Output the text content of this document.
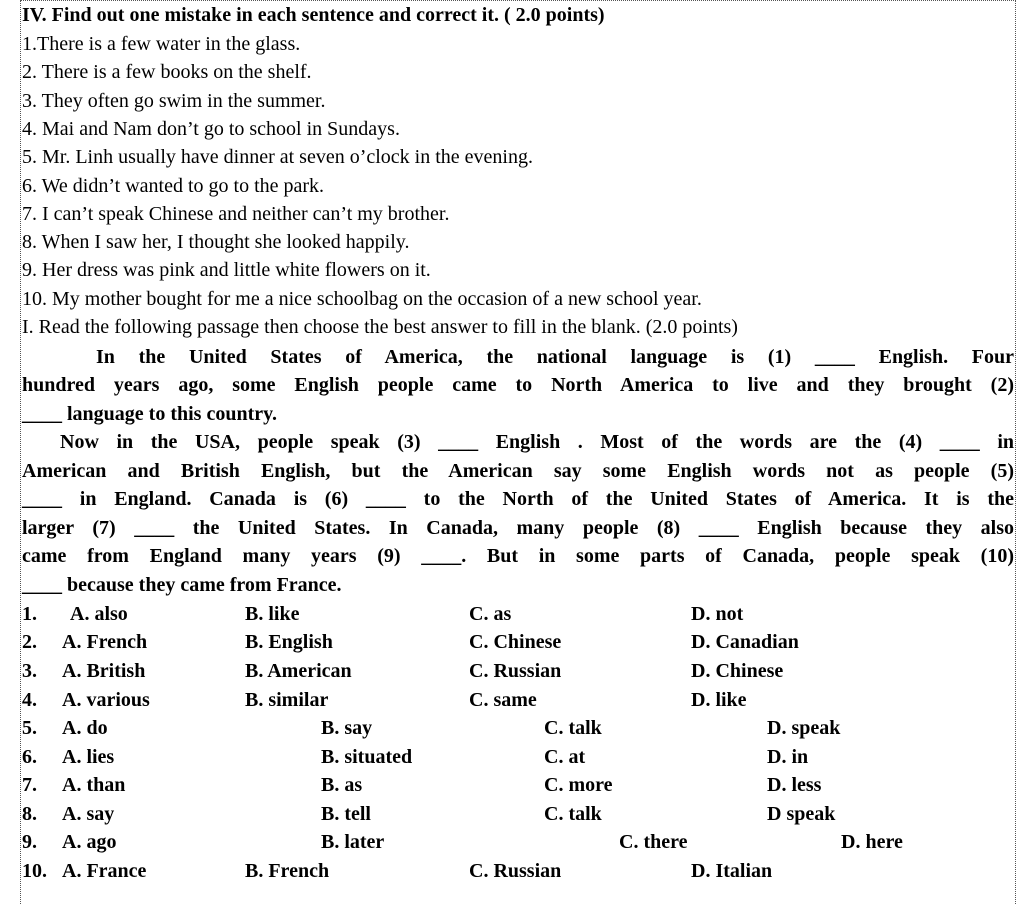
IV. Find out one mistake in each sentence and correct it. ( 2.0 points)
1.There is a few water in the glass.
2. There is a few books on the shelf.
3. They often go swim in the summer.
4. Mai and Nam don’t go to school in Sundays.
5. Mr. Linh usually have dinner at seven o’clock in the evening.
6. We didn’t wanted to go to the park.
7. I can’t speak Chinese and neither can’t my brother.
8. When I saw her, I thought she looked happily.
9. Her dress was pink and little white flowers on it.
10. My mother bought for me a nice schoolbag on the occasion of a new school year.
I. Read the following passage then choose the best answer to fill in the blank. (2.0 points)
In the United States of America, the national language is (1) ____ English. Four
hundred years ago, some English people came to North America to live and they brought (2)
____ language to this country.
Now in the USA, people speak (3) ____ English . Most of the words are the (4) ____ in
American and British English, but the American say some English words not as people (5)
____ in England. Canada is (6) ____ to the North of the United States of America. It is the
larger (7) ____ the United States. In Canada, many people (8) ____ English because they also
came from England many years (9) ____. But in some parts of Canada, people speak (10)
____ because they came from France.
1. A. also	B. like	C. as	D. not
2. A. French	B. English	C. Chinese	D. Canadian
3. A. British	B. American	C. Russian	D. Chinese
4. A. various	B. similar	C. same	D. like
5. A. do	B. say	C. talk	D. speak
6. A. lies	B. situated	C. at	D. in
7. A. than	B. as	C. more	D. less
8. A. say	B. tell	C. talk	D speak
9. A. ago	B. later	C. there	D. here
10. A. France	B. French	C. Russian	D. Italian
